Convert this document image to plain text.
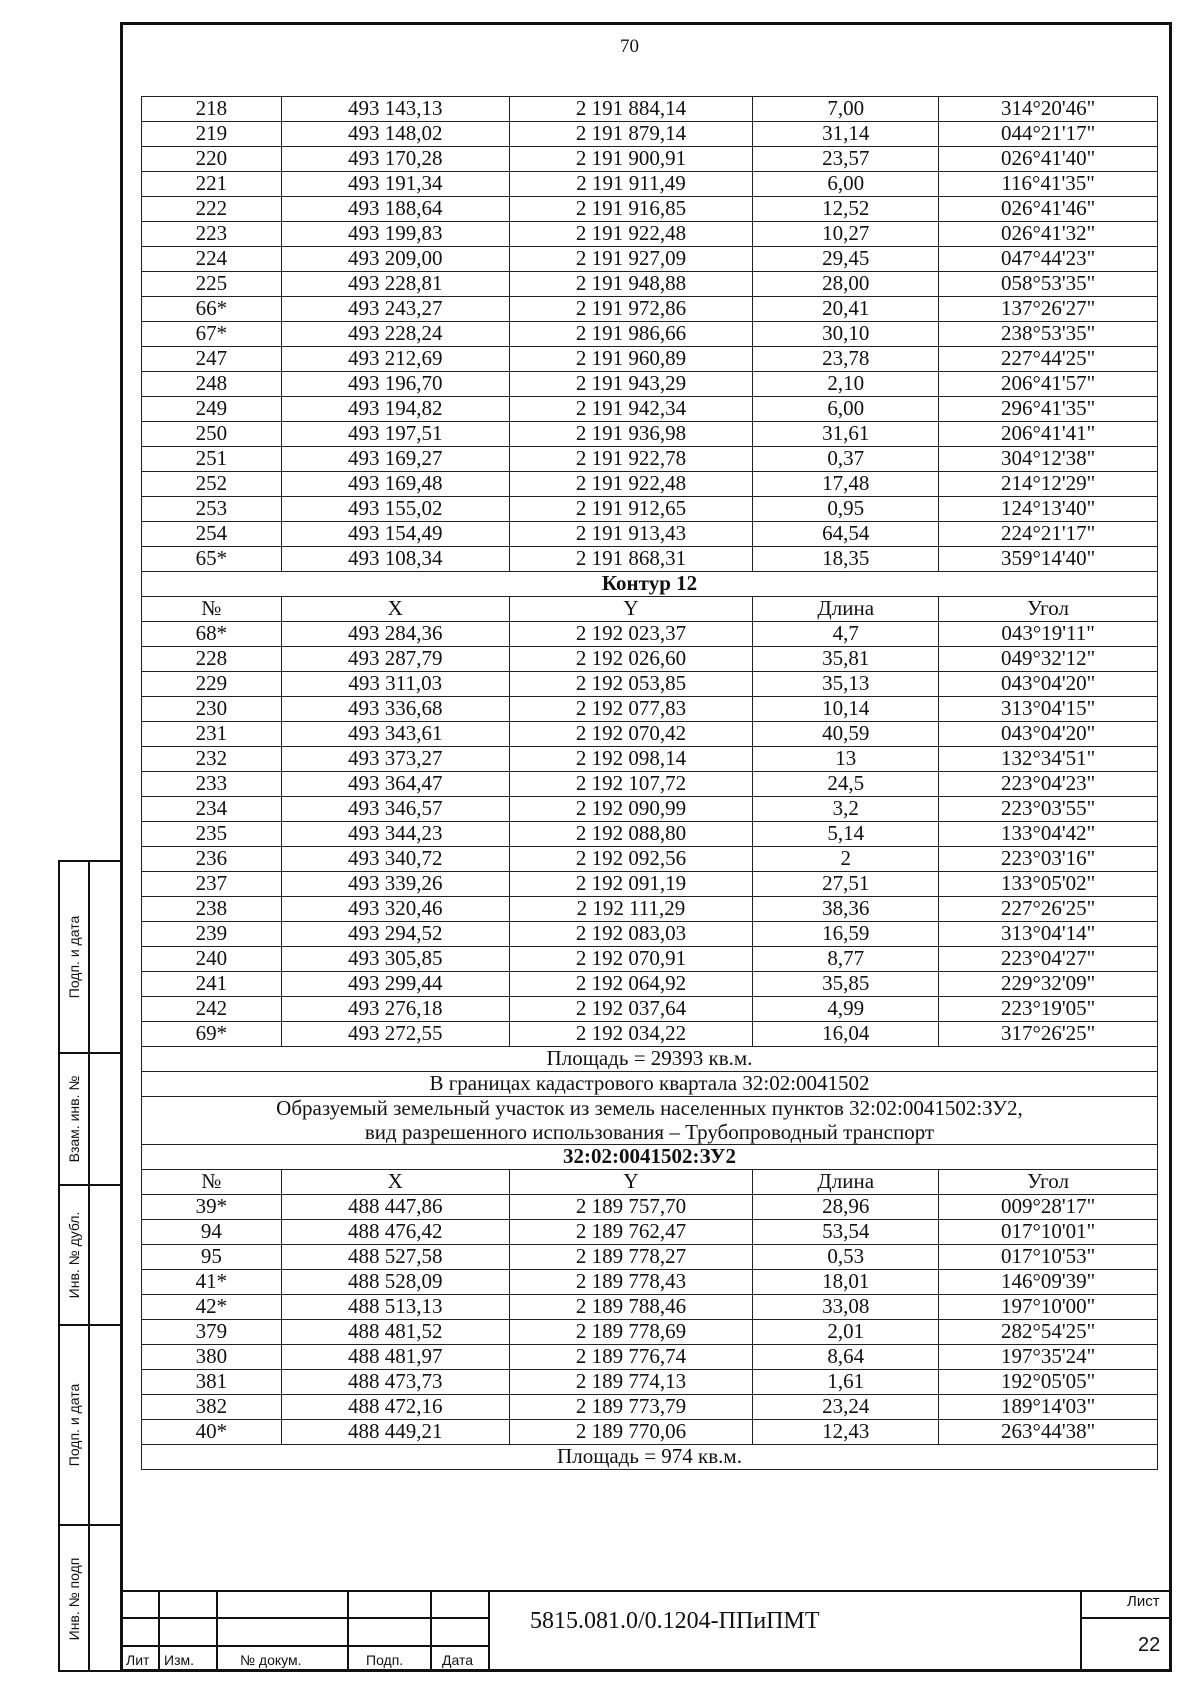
70
Подп. и дата
Взам. инв. №
Инв. № дубл.
Подп. и дата
Инв. № подп
218	493 143,13	2 191 884,14	7,00	314°20'46"
219	493 148,02	2 191 879,14	31,14	044°21'17"
220	493 170,28	2 191 900,91	23,57	026°41'40"
221	493 191,34	2 191 911,49	6,00	116°41'35"
222	493 188,64	2 191 916,85	12,52	026°41'46"
223	493 199,83	2 191 922,48	10,27	026°41'32"
224	493 209,00	2 191 927,09	29,45	047°44'23"
225	493 228,81	2 191 948,88	28,00	058°53'35"
66*	493 243,27	2 191 972,86	20,41	137°26'27"
67*	493 228,24	2 191 986,66	30,10	238°53'35"
247	493 212,69	2 191 960,89	23,78	227°44'25"
248	493 196,70	2 191 943,29	2,10	206°41'57"
249	493 194,82	2 191 942,34	6,00	296°41'35"
250	493 197,51	2 191 936,98	31,61	206°41'41"
251	493 169,27	2 191 922,78	0,37	304°12'38"
252	493 169,48	2 191 922,48	17,48	214°12'29"
253	493 155,02	2 191 912,65	0,95	124°13'40"
254	493 154,49	2 191 913,43	64,54	224°21'17"
65*	493 108,34	2 191 868,31	18,35	359°14'40"
Контур 12				
№	X	Y	Длина	Угол
68*	493 284,36	2 192 023,37	4,7	043°19'11"
228	493 287,79	2 192 026,60	35,81	049°32'12"
229	493 311,03	2 192 053,85	35,13	043°04'20"
230	493 336,68	2 192 077,83	10,14	313°04'15"
231	493 343,61	2 192 070,42	40,59	043°04'20"
232	493 373,27	2 192 098,14	13	132°34'51"
233	493 364,47	2 192 107,72	24,5	223°04'23"
234	493 346,57	2 192 090,99	3,2	223°03'55"
235	493 344,23	2 192 088,80	5,14	133°04'42"
236	493 340,72	2 192 092,56	2	223°03'16"
237	493 339,26	2 192 091,19	27,51	133°05'02"
238	493 320,46	2 192 111,29	38,36	227°26'25"
239	493 294,52	2 192 083,03	16,59	313°04'14"
240	493 305,85	2 192 070,91	8,77	223°04'27"
241	493 299,44	2 192 064,92	35,85	229°32'09"
242	493 276,18	2 192 037,64	4,99	223°19'05"
69*	493 272,55	2 192 034,22	16,04	317°26'25"
Площадь = 29393 кв.м.				
В границах кадастрового квартала 32:02:0041502				

Образуемый земельный участок из земель населенных пунктов 32:02:0041502:ЗУ2,
вид разрешенного использования – Трубопроводный транспорт				

32:02:0041502:ЗУ2				
№	X	Y	Длина	Угол
39*	488 447,86	2 189 757,70	28,96	009°28'17"
94	488 476,42	2 189 762,47	53,54	017°10'01"
95	488 527,58	2 189 778,27	0,53	017°10'53"
41*	488 528,09	2 189 778,43	18,01	146°09'39"
42*	488 513,13	2 189 788,46	33,08	197°10'00"
379	488 481,52	2 189 778,69	2,01	282°54'25"
380	488 481,97	2 189 776,74	8,64	197°35'24"
381	488 473,73	2 189 774,13	1,61	192°05'05"
382	488 472,16	2 189 773,79	23,24	189°14'03"
40*	488 449,21	2 189 770,06	12,43	263°44'38"
Площадь = 974 кв.м.				
Лит Изм.	№ докум.	Подп.	Дата
5815.081.0/0.1204-ППиПМТ
Лист
22
